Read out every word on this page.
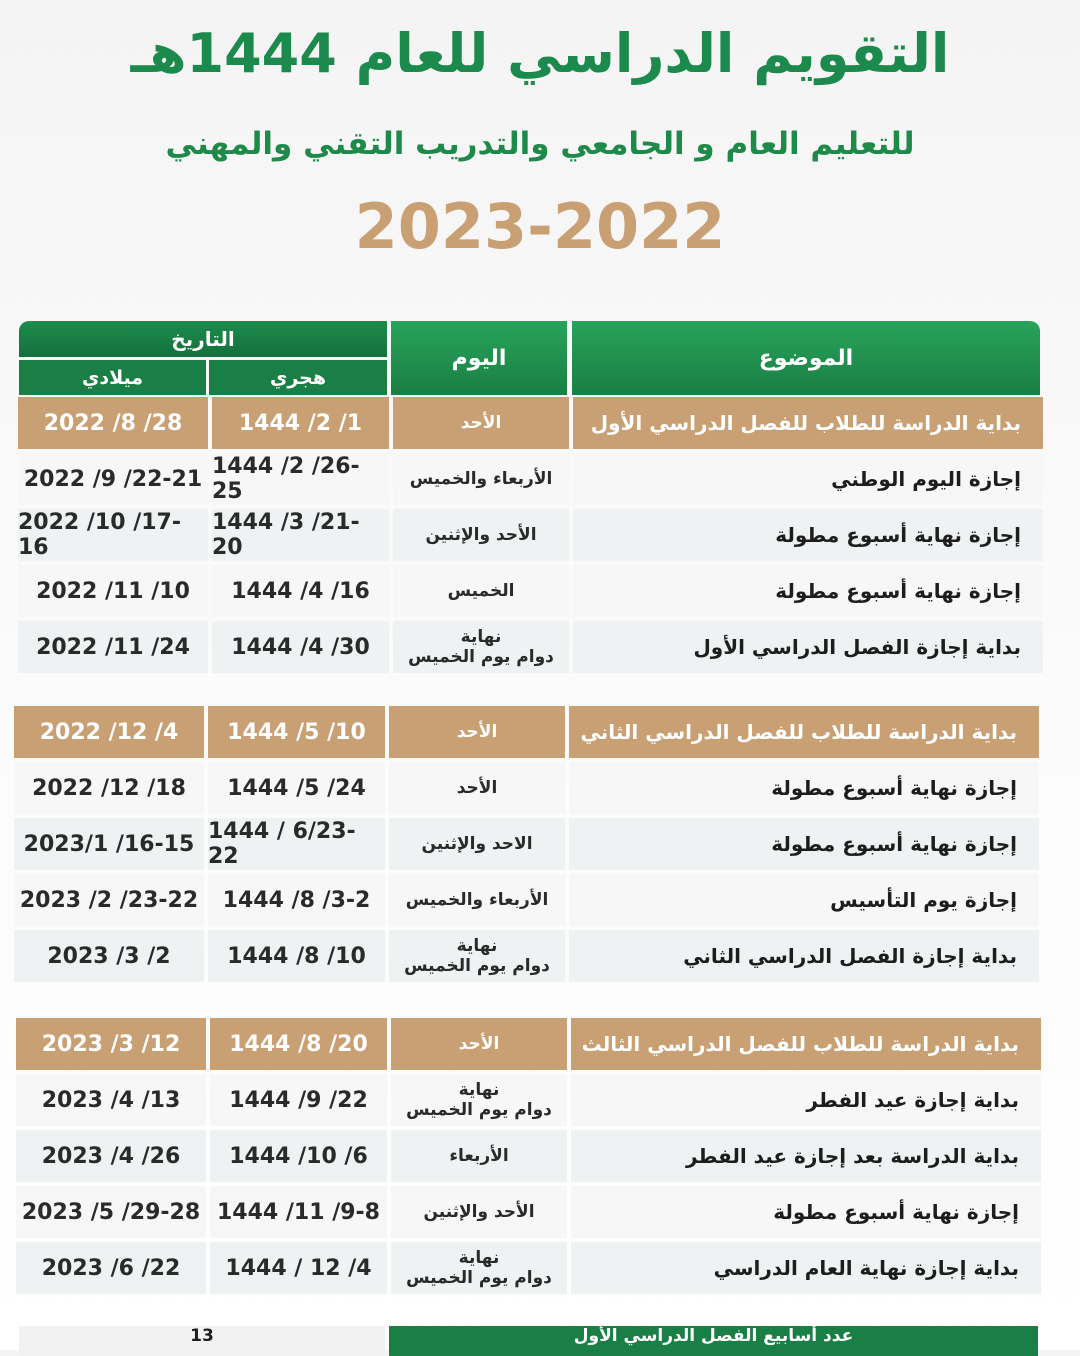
التقويم الدراسي للعام 1444هـ
للتعليم العام و الجامعي والتدريب التقني والمهني
2023-2022
الموضوع
اليوم
التاريخ
هجري
ميلادي
بداية الدراسة للطلاب للفصل الدراسي الأول
الأحد
1444 /2 /1
2022 /8 /28
إجازة اليوم الوطني
الأربعاء والخميس
1444 /2 /26-25
2022 /9 /22-21
إجازة نهاية أسبوع مطولة
الأحد والإثنين
1444 /3 /21-20
2022 /10 /17-16
إجازة نهاية أسبوع مطولة
الخميس
1444 /4 /16
2022 /11 /10
بداية إجازة الفصل الدراسي الأول
نهاية
دوام يوم الخميس
1444 /4 /30
2022 /11 /24
بداية الدراسة للطلاب للفصل الدراسي الثاني
الأحد
1444 /5 /10
2022 /12 /4
إجازة نهاية أسبوع مطولة
الأحد
1444 /5 /24
2022 /12 /18
إجازة نهاية أسبوع مطولة
الاحد والإثنين
1444 / 6/23-22
2023/1 /16-15
إجازة يوم التأسيس
الأربعاء والخميس
1444 /8 /3-2
2023 /2 /23-22
بداية إجازة الفصل الدراسي الثاني
نهاية
دوام يوم الخميس
1444 /8 /10
2023 /3 /2
بداية الدراسة للطلاب للفصل الدراسي الثالث
الأحد
1444 /8 /20
2023 /3 /12
بداية إجازة عيد الفطر
نهاية
دوام يوم الخميس
1444 /9 /22
2023 /4 /13
بداية الدراسة بعد إجازة عيد الفطر
الأربعاء
1444 /10 /6
2023 /4 /26
إجازة نهاية أسبوع مطولة
الأحد والإثنين
1444 /11 /9-8
2023 /5 /29-28
بداية إجازة نهاية العام الدراسي
نهاية
دوام يوم الخميس
1444 / 12 /4
2023 /6 /22
13	عدد أسابيع الفصل الدراسي الأول
